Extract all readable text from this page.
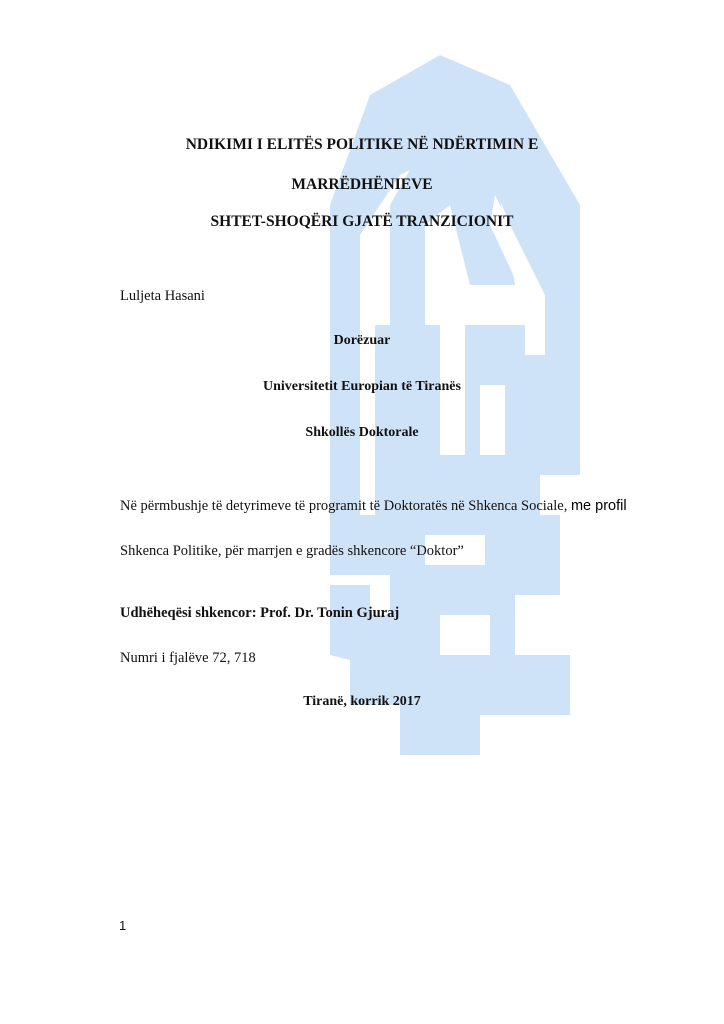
NDIKIMI I ELITËS POLITIKE NË NDËRTIMIN E
MARRËDHËNIEVE
SHTET-SHOQËRI GJATË TRANZICIONIT
Luljeta Hasani
Dorëzuar
Universitetit Europian të Tiranës
Shkollës Doktorale
Në përmbushje të detyrimeve të programit të Doktoratës në Shkenca Sociale, me profil
Shkenca Politike, për marrjen e gradës shkencore “Doktor”
Udhëheqësi shkencor: Prof. Dr. Tonin Gjuraj
Numri i fjalëve 72, 718
Tiranë, korrik 2017
1
